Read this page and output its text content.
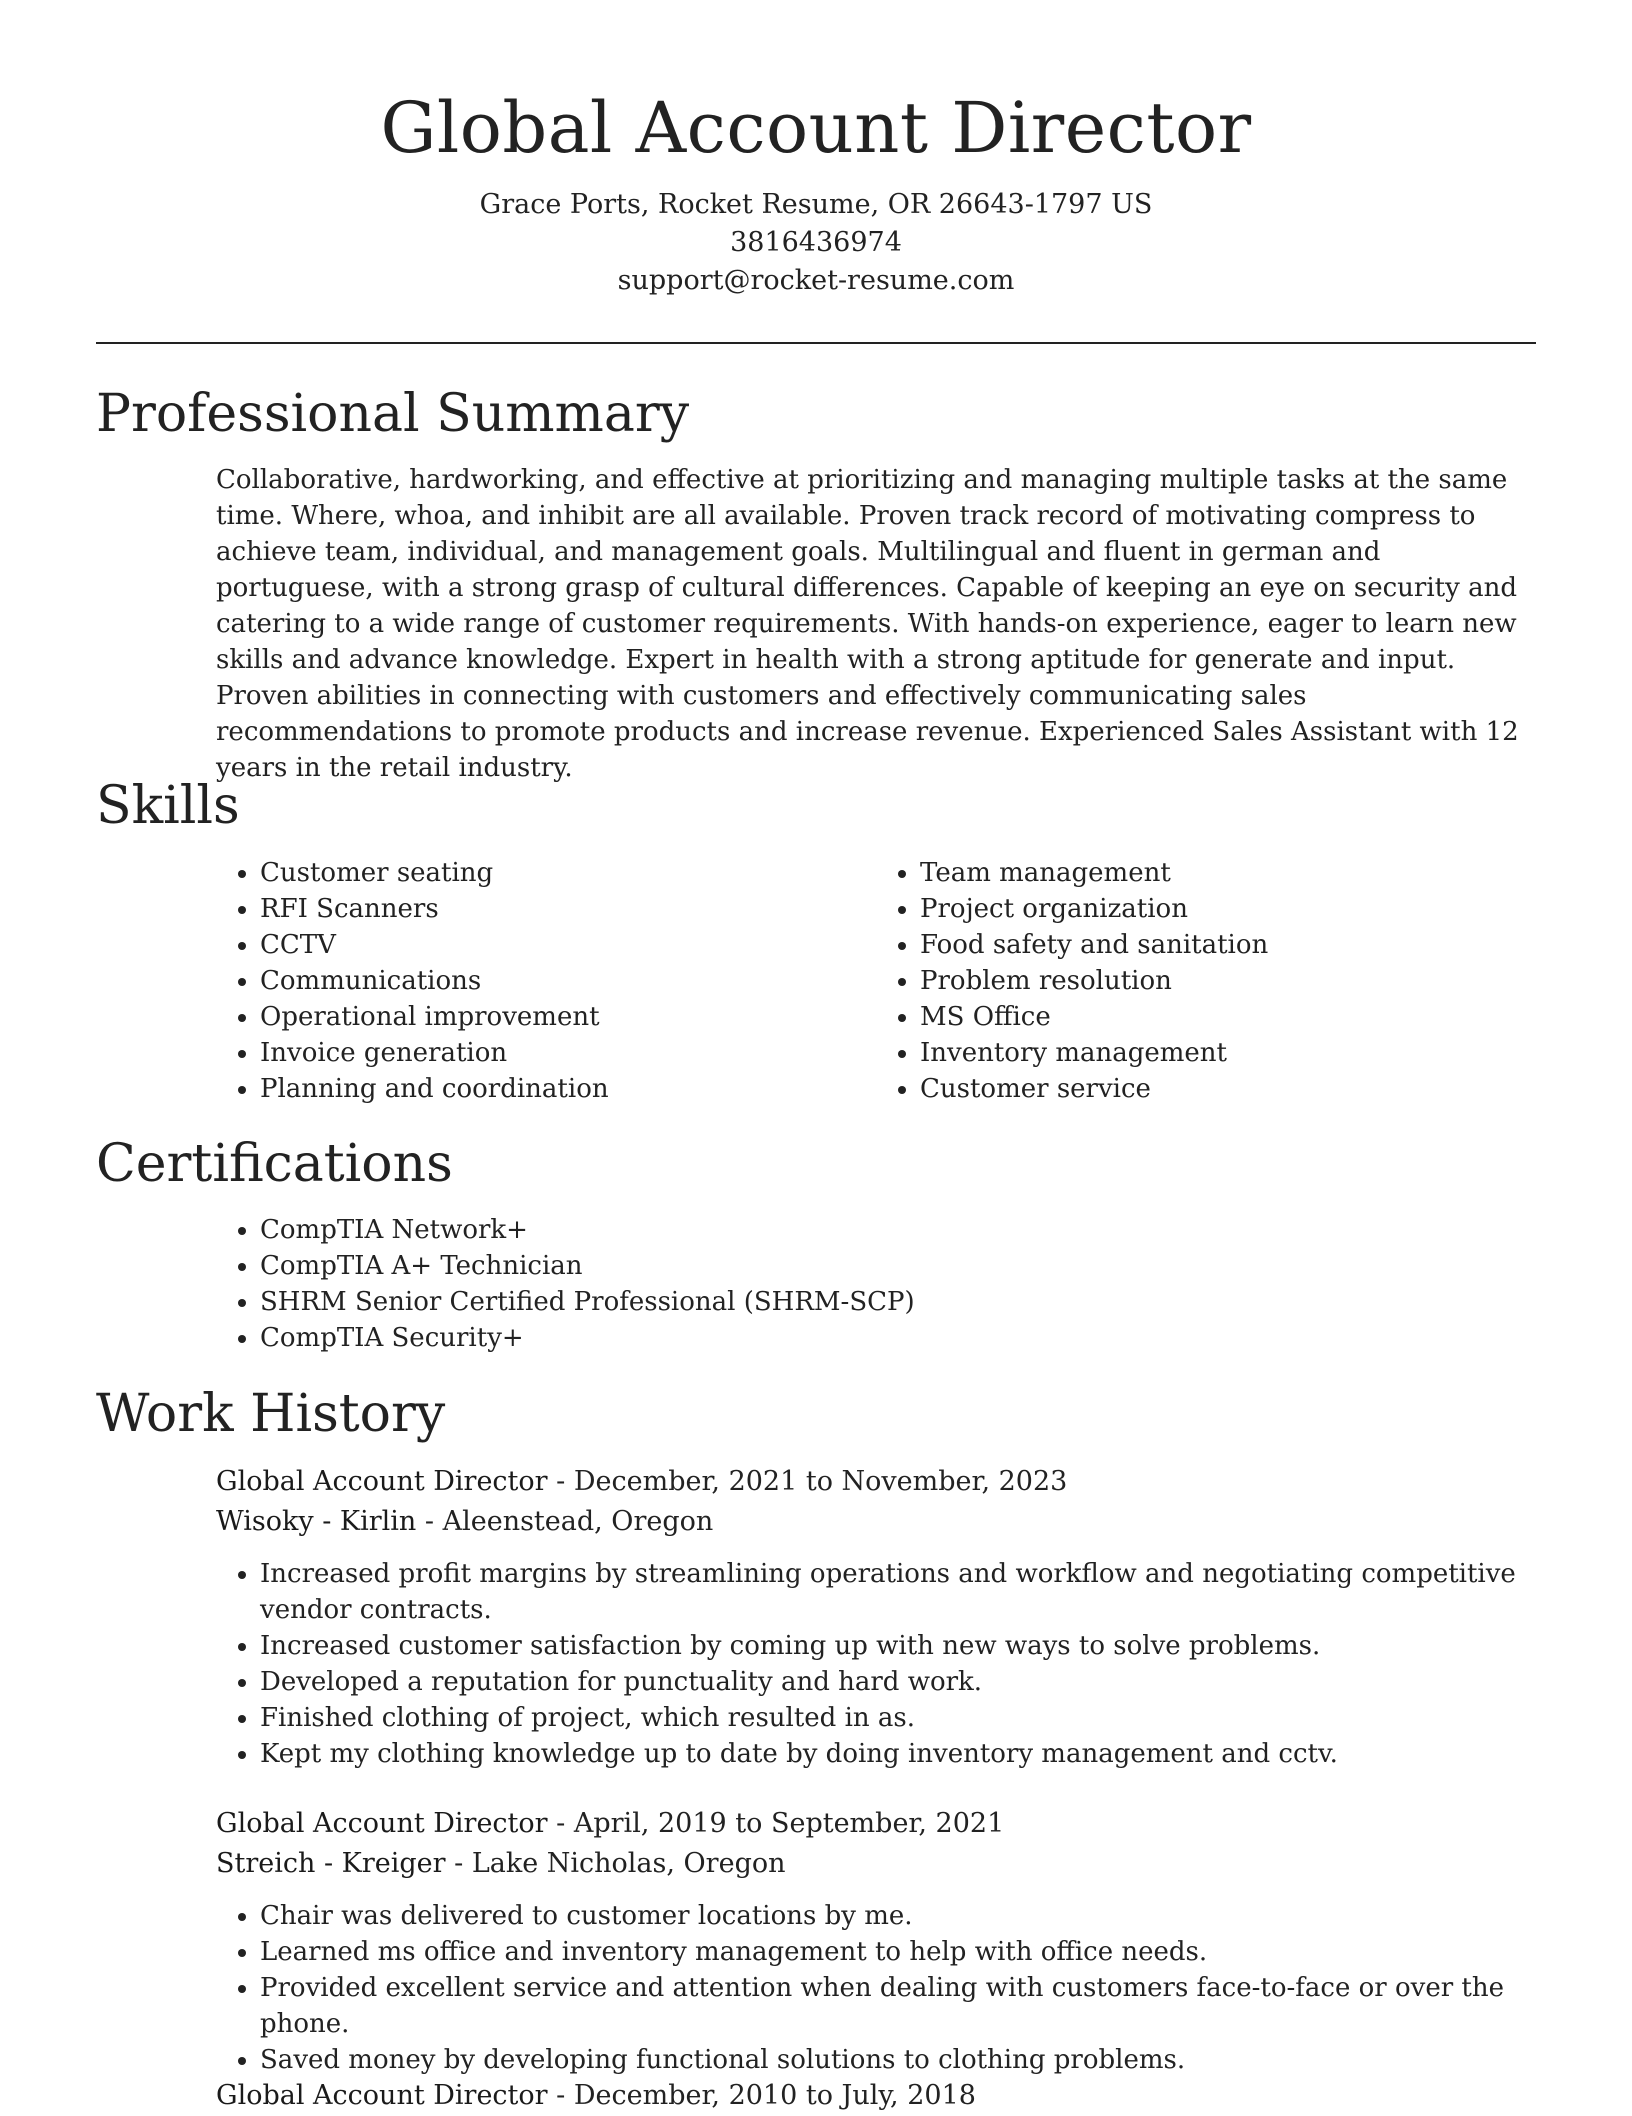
Global Account Director
Grace Ports, Rocket Resume, OR 26643-1797 US
3816436974
support@rocket-resume.com
Professional Summary

Collaborative, hardworking, and effective at prioritizing and managing multiple tasks at the same time. Where, whoa, and inhibit are all available. Proven track record of motivating compress to achieve team, individual, and management goals. Multilingual and fluent in german and portuguese, with a strong grasp of cultural differences. Capable of keeping an eye on security and catering to a wide range of customer requirements. With hands-on experience, eager to learn new skills and advance knowledge. Expert in health with a strong aptitude for generate and input. Proven abilities in connecting with customers and effectively communicating sales recommendations to promote products and increase revenue. Experienced Sales Assistant with 12 years in the retail industry.

Skills
• Customer seating
• RFI Scanners
• CCTV
• Communications
• Operational improvement
• Invoice generation
• Planning and coordination
• Team management
• Project organization
• Food safety and sanitation
• Problem resolution
• MS Office
• Inventory management
• Customer service
Certifications
• CompTIA Network+
• CompTIA A+ Technician
• SHRM Senior Certified Professional (SHRM-SCP)
• CompTIA Security+
Work History
Global Account Director - December, 2021 to November, 2023
Wisoky - Kirlin - Aleenstead, Oregon
• Increased profit margins by streamlining operations and workflow and negotiating competitive vendor contracts.
• Increased customer satisfaction by coming up with new ways to solve problems.
• Developed a reputation for punctuality and hard work.
• Finished clothing of project, which resulted in as.
• Kept my clothing knowledge up to date by doing inventory management and cctv.
Global Account Director - April, 2019 to September, 2021
Streich - Kreiger - Lake Nicholas, Oregon
• Chair was delivered to customer locations by me.
• Learned ms office and inventory management to help with office needs.
• Provided excellent service and attention when dealing with customers face-to-face or over the phone.
• Saved money by developing functional solutions to clothing problems.
Global Account Director - December, 2010 to July, 2018
